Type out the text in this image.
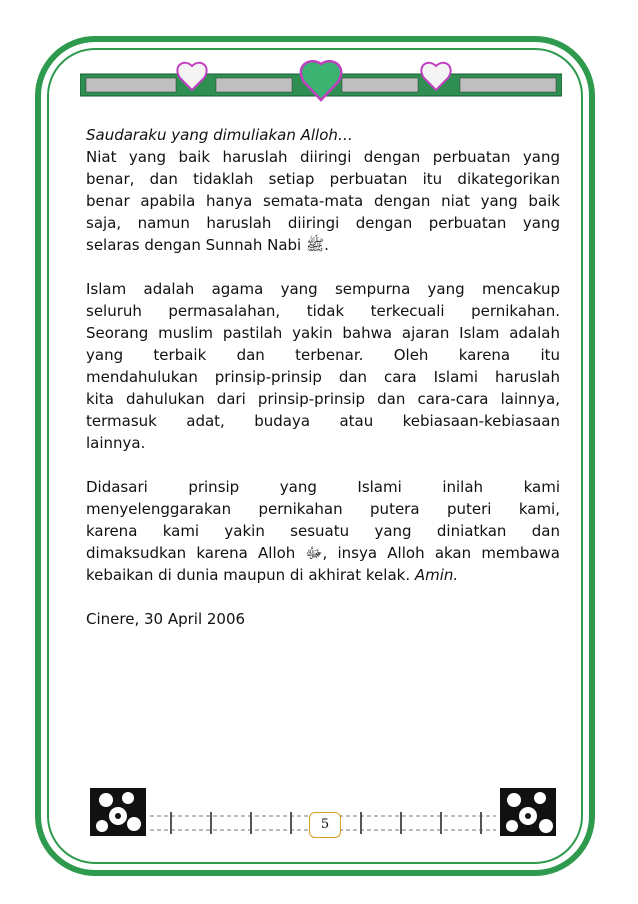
Saudaraku yang dimuliakan Alloh…
Niat yang baik haruslah diiringi dengan perbuatan yang
benar, dan tidaklah setiap perbuatan itu dikategorikan
benar apabila hanya semata-mata dengan niat yang baik
saja, namun haruslah diiringi dengan perbuatan yang
selaras dengan Sunnah Nabi ﷺ.

Islam adalah agama yang sempurna yang mencakup
seluruh permasalahan, tidak terkecuali pernikahan.
Seorang muslim pastilah yakin bahwa ajaran Islam adalah
yang terbaik dan terbenar. Oleh karena itu
mendahulukan prinsip-prinsip dan cara Islami haruslah
kita dahulukan dari prinsip-prinsip dan cara-cara lainnya,
termasuk adat, budaya atau kebiasaan-kebiasaan
lainnya.

Didasari prinsip yang Islami inilah kami
menyelenggarakan pernikahan putera puteri kami,
karena kami yakin sesuatu yang diniatkan dan
dimaksudkan karena Alloh ﷻ, insya Alloh akan membawa
kebaikan di dunia maupun di akhirat kelak. Amin.

Cinere, 30 April 2006

5
